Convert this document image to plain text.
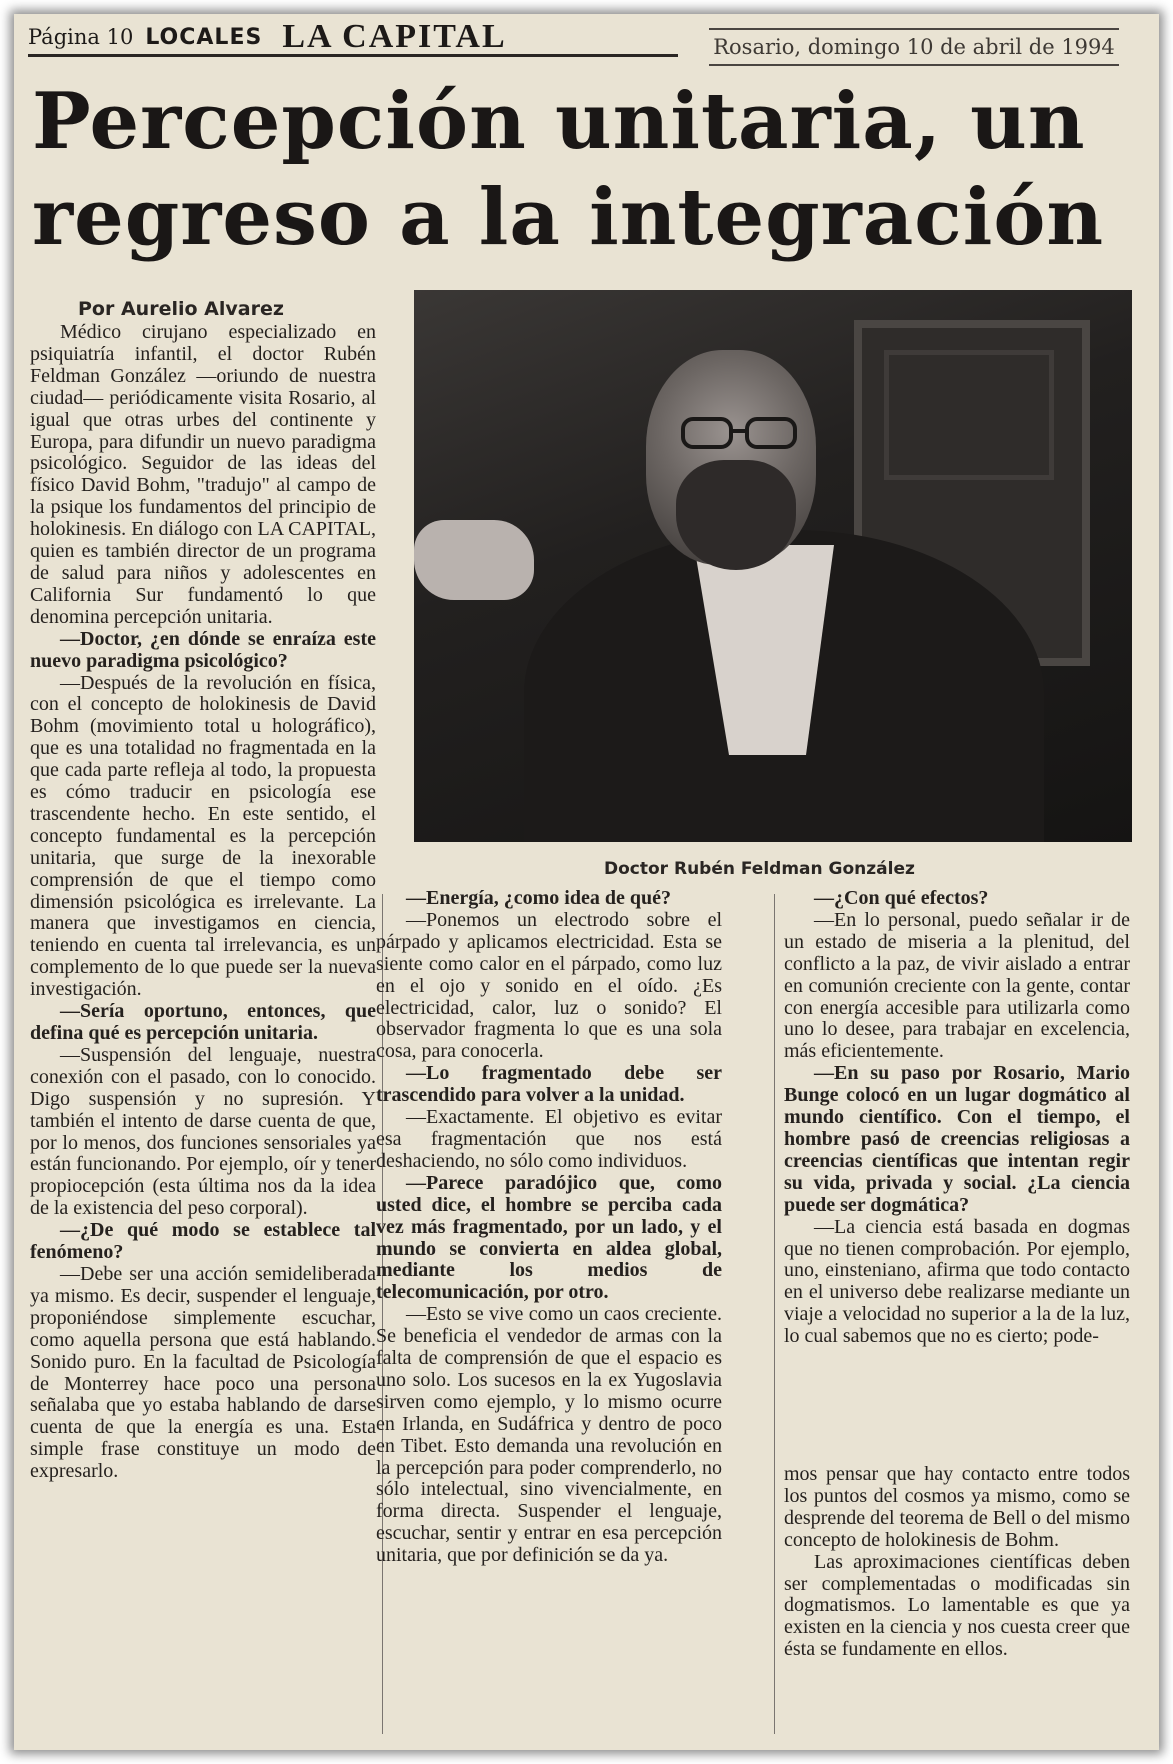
Página 10 LOCALES LA CAPITAL	Rosario, domingo 10 de abril de 1994
Percepción unitaria, un regreso a la integración
Por Aurelio Alvarez
Doctor Rubén Feldman González

Médico cirujano especializado en psiquiatría infantil, el doctor Rubén Feldman González —oriundo de nuestra ciudad— periódicamente visita Rosario, al igual que otras urbes del continente y Europa, para difundir un nuevo paradigma psicológico. Seguidor de las ideas del físico David Bohm, "tradujo" al campo de la psique los fundamentos del principio de holokinesis. En diálogo con LA CAPITAL, quien es también director de un programa de salud para niños y adolescentes en California Sur fundamentó lo que denomina percepción unitaria.

—Doctor, ¿en dónde se enraíza este nuevo paradigma psicológico?

—Después de la revolución en física, con el concepto de holokinesis de David Bohm (movimiento total u holográfico), que es una totalidad no fragmentada en la que cada parte refleja al todo, la propuesta es cómo traducir en psicología ese trascendente hecho. En este sentido, el concepto fundamental es la percepción unitaria, que surge de la inexorable comprensión de que el tiempo como dimensión psicológica es irrelevante. La manera que investigamos en ciencia, teniendo en cuenta tal irrelevancia, es un complemento de lo que puede ser la nueva investigación.

—Sería oportuno, entonces, que defina qué es percepción unitaria.

—Suspensión del lenguaje, nuestra conexión con el pasado, con lo conocido. Digo suspensión y no supresión. Y también el intento de darse cuenta de que, por lo menos, dos funciones sensoriales ya están funcionando. Por ejemplo, oír y tener propiocepción (esta última nos da la idea de la existencia del peso corporal).

—¿De qué modo se establece tal fenómeno?

—Debe ser una acción semideliberada ya mismo. Es decir, suspender el lenguaje, proponiéndose simplemente escuchar, como aquella persona que está hablando. Sonido puro. En la facultad de Psicología de Monterrey hace poco una persona señalaba que yo estaba hablando de darse cuenta de que la energía es una. Esta simple frase constituye un modo de expresarlo.

—Energía, ¿como idea de qué?

—Ponemos un electrodo sobre el párpado y aplicamos electricidad. Esta se siente como calor en el párpado, como luz en el ojo y sonido en el oído. ¿Es electricidad, calor, luz o sonido? El observador fragmenta lo que es una sola cosa, para conocerla.

—Lo fragmentado debe ser trascendido para volver a la unidad.

—Exactamente. El objetivo es evitar esa fragmentación que nos está deshaciendo, no sólo como individuos.

—Parece paradójico que, como usted dice, el hombre se perciba cada vez más fragmentado, por un lado, y el mundo se convierta en aldea global, mediante los medios de telecomunicación, por otro.

—Esto se vive como un caos creciente. Se beneficia el vendedor de armas con la falta de comprensión de que el espacio es uno solo. Los sucesos en la ex Yugoslavia sirven como ejemplo, y lo mismo ocurre en Irlanda, en Sudáfrica y dentro de poco en Tibet. Esto demanda una revolución en la percepción para poder comprenderlo, no sólo intelectual, sino vivencialmente, en forma directa. Suspender el lenguaje, escuchar, sentir y entrar en esa percepción unitaria, que por definición se da ya.

—¿Con qué efectos?

—En lo personal, puedo señalar ir de un estado de miseria a la plenitud, del conflicto a la paz, de vivir aislado a entrar en comunión creciente con la gente, contar con energía accesible para utilizarla como uno lo desee, para trabajar en excelencia, más eficientemente.

—En su paso por Rosario, Mario Bunge colocó en un lugar dogmático al mundo científico. Con el tiempo, el hombre pasó de creencias religiosas a creencias científicas que intentan regir su vida, privada y social. ¿La ciencia puede ser dogmática?

—La ciencia está basada en dogmas que no tienen comprobación. Por ejemplo, uno, einsteniano, afirma que todo contacto en el universo debe realizarse mediante un viaje a velocidad no superior a la de la luz, lo cual sabemos que no es cierto; pode-

mos pensar que hay contacto entre todos los puntos del cosmos ya mismo, como se desprende del teorema de Bell o del mismo concepto de holokinesis de Bohm.

Las aproximaciones científicas deben ser complementadas o modificadas sin dogmatismos. Lo lamentable es que ya existen en la ciencia y nos cuesta creer que ésta se fundamente en ellos.
